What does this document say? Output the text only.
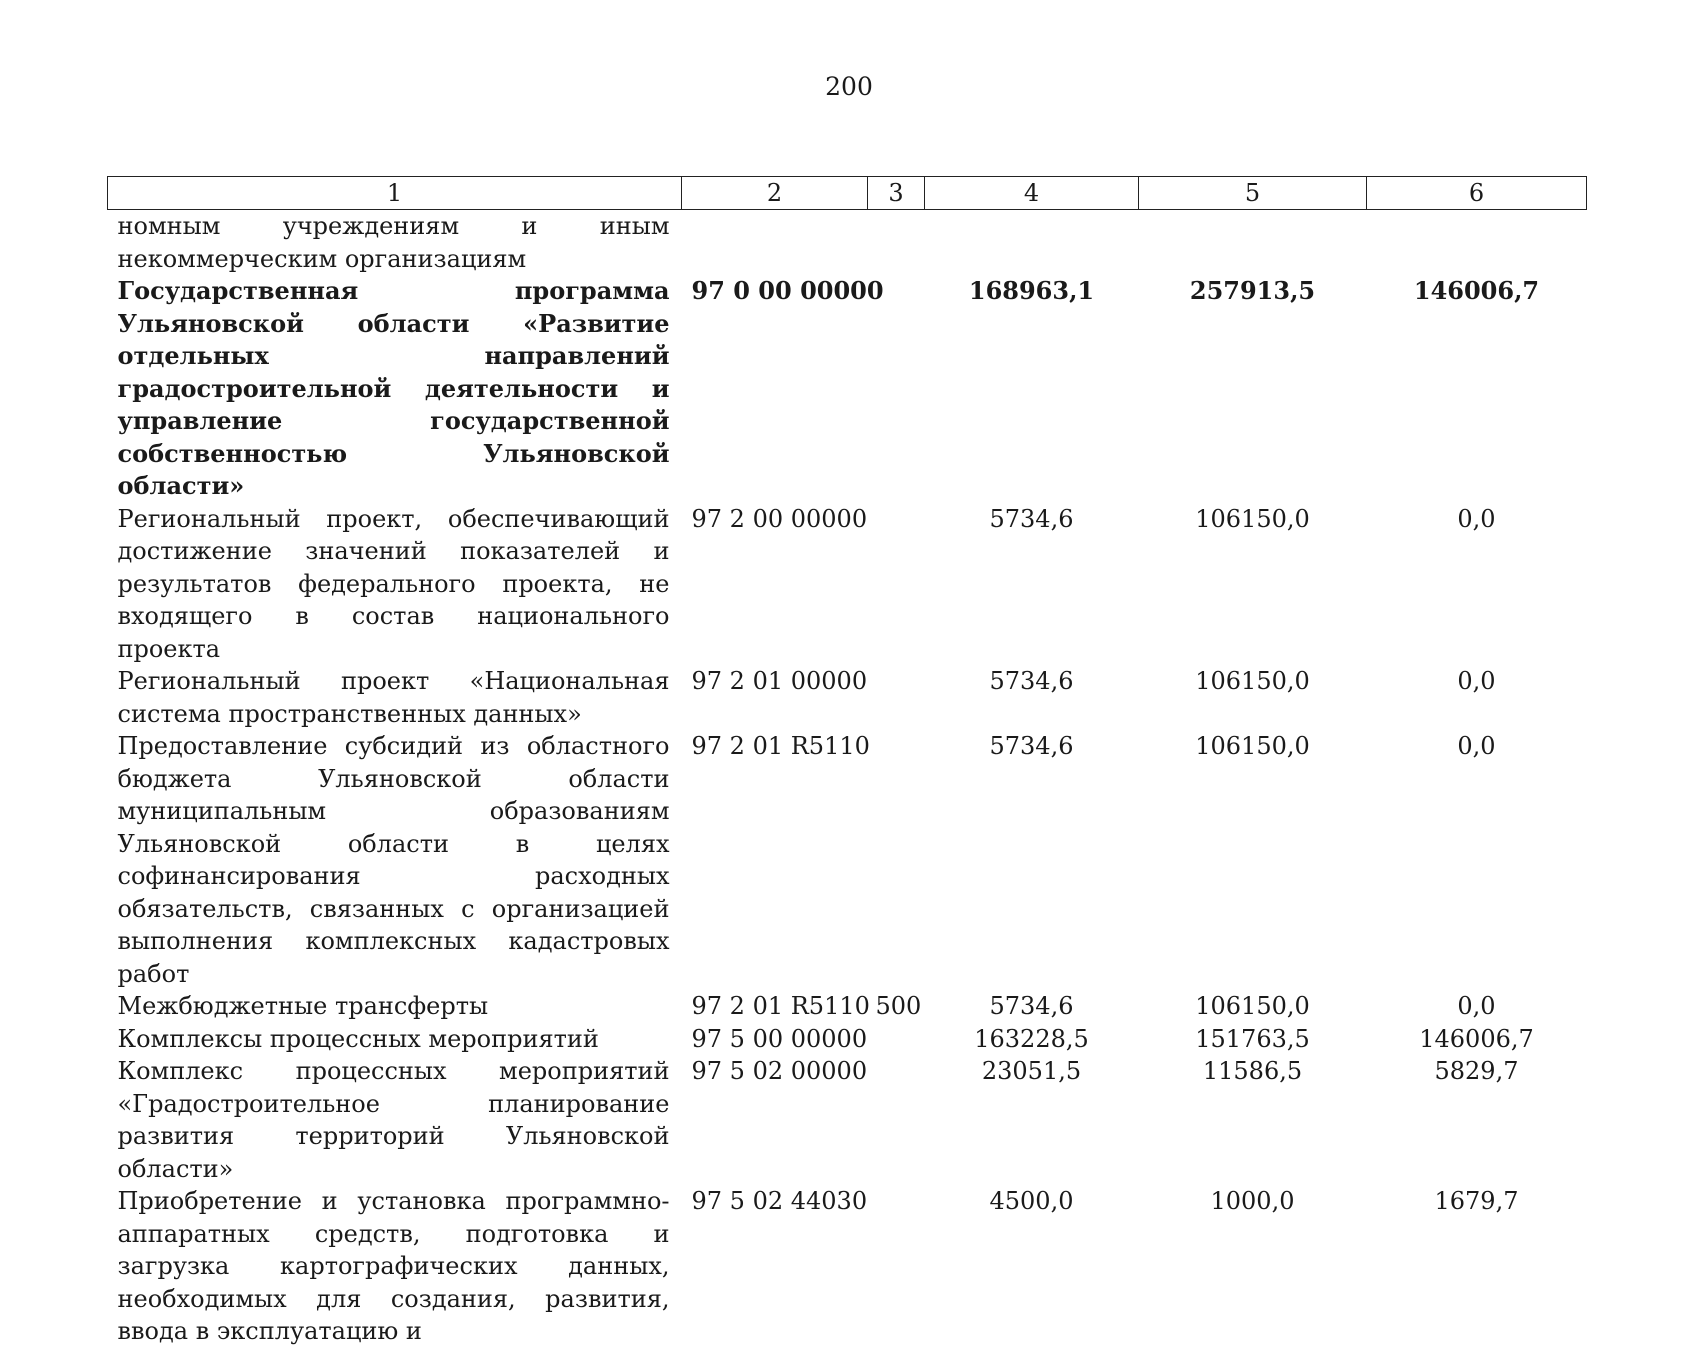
200
1	2	3	4	5	6
номным учреждениям и иным некоммерческим организациям					
Государственная программа Ульяновской области «Развитие отдельных направлений градостроительной деятельности и управление государственной собственностью Ульяновской области»	97 0 00 00000		168963,1	257913,5	146006,7
Региональный проект, обеспечивающий достижение значений показателей и результатов федерального проекта, не входящего в состав национального проекта	97 2 00 00000		5734,6	106150,0	0,0
Региональный проект «Национальная система пространственных данных»	97 2 01 00000		5734,6	106150,0	0,0
Предоставление субсидий из областного бюджета Ульяновской области муниципальным образованиям Ульяновской области в целях софинансирования расходных обязательств, связанных с организацией выполнения комплексных кадастровых работ	97 2 01 R5110		5734,6	106150,0	0,0
Межбюджетные трансферты	97 2 01 R5110	500	5734,6	106150,0	0,0
Комплексы процессных мероприятий	97 5 00 00000		163228,5	151763,5	146006,7
Комплекс процессных мероприятий «Градостроительное планирование развития территорий Ульяновской области»	97 5 02 00000		23051,5	11586,5	5829,7
Приобретение и установка программно-аппаратных средств, подготовка и загрузка картографических данных, необходимых для создания, развития, ввода в эксплуатацию и	97 5 02 44030		4500,0	1000,0	1679,7
